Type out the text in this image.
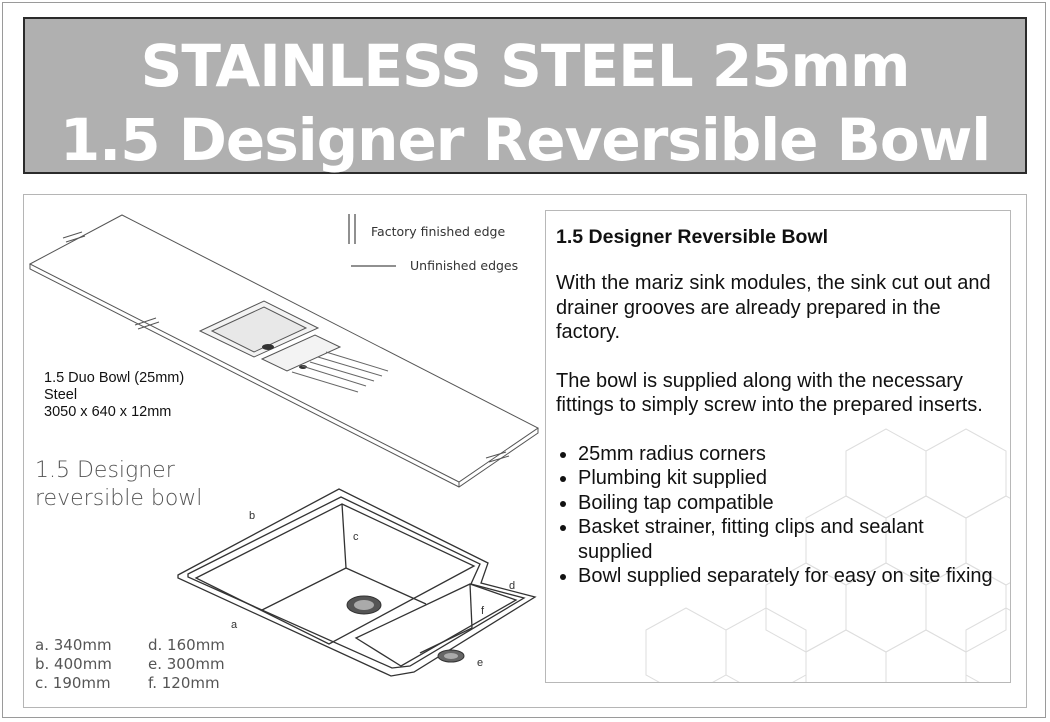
STAINLESS STEEL 25mm
1.5 Designer Reversible Bowl
1.5 Designer Reversible Bowl

With the mariz sink modules, the sink cut out and drainer grooves are already prepared in the factory.

The bowl is supplied along with the necessary fittings to simply screw into the prepared inserts.

• 25mm radius corners
• Plumbing kit supplied
• Boiling tap compatible
• Basket strainer, fitting clips and sealant supplied
• Bowl supplied separately for easy on site fixing
Factory finished edge
Unfinished edges
1.5 Duo Bowl (25mm)
Steel
3050 x 640 x 12mm
1.5 Designer
reversible bowl
b
c
a
d
f
e
a. 340mm
b. 400mm
c. 190mm
d. 160mm
e. 300mm
f. 120mm
